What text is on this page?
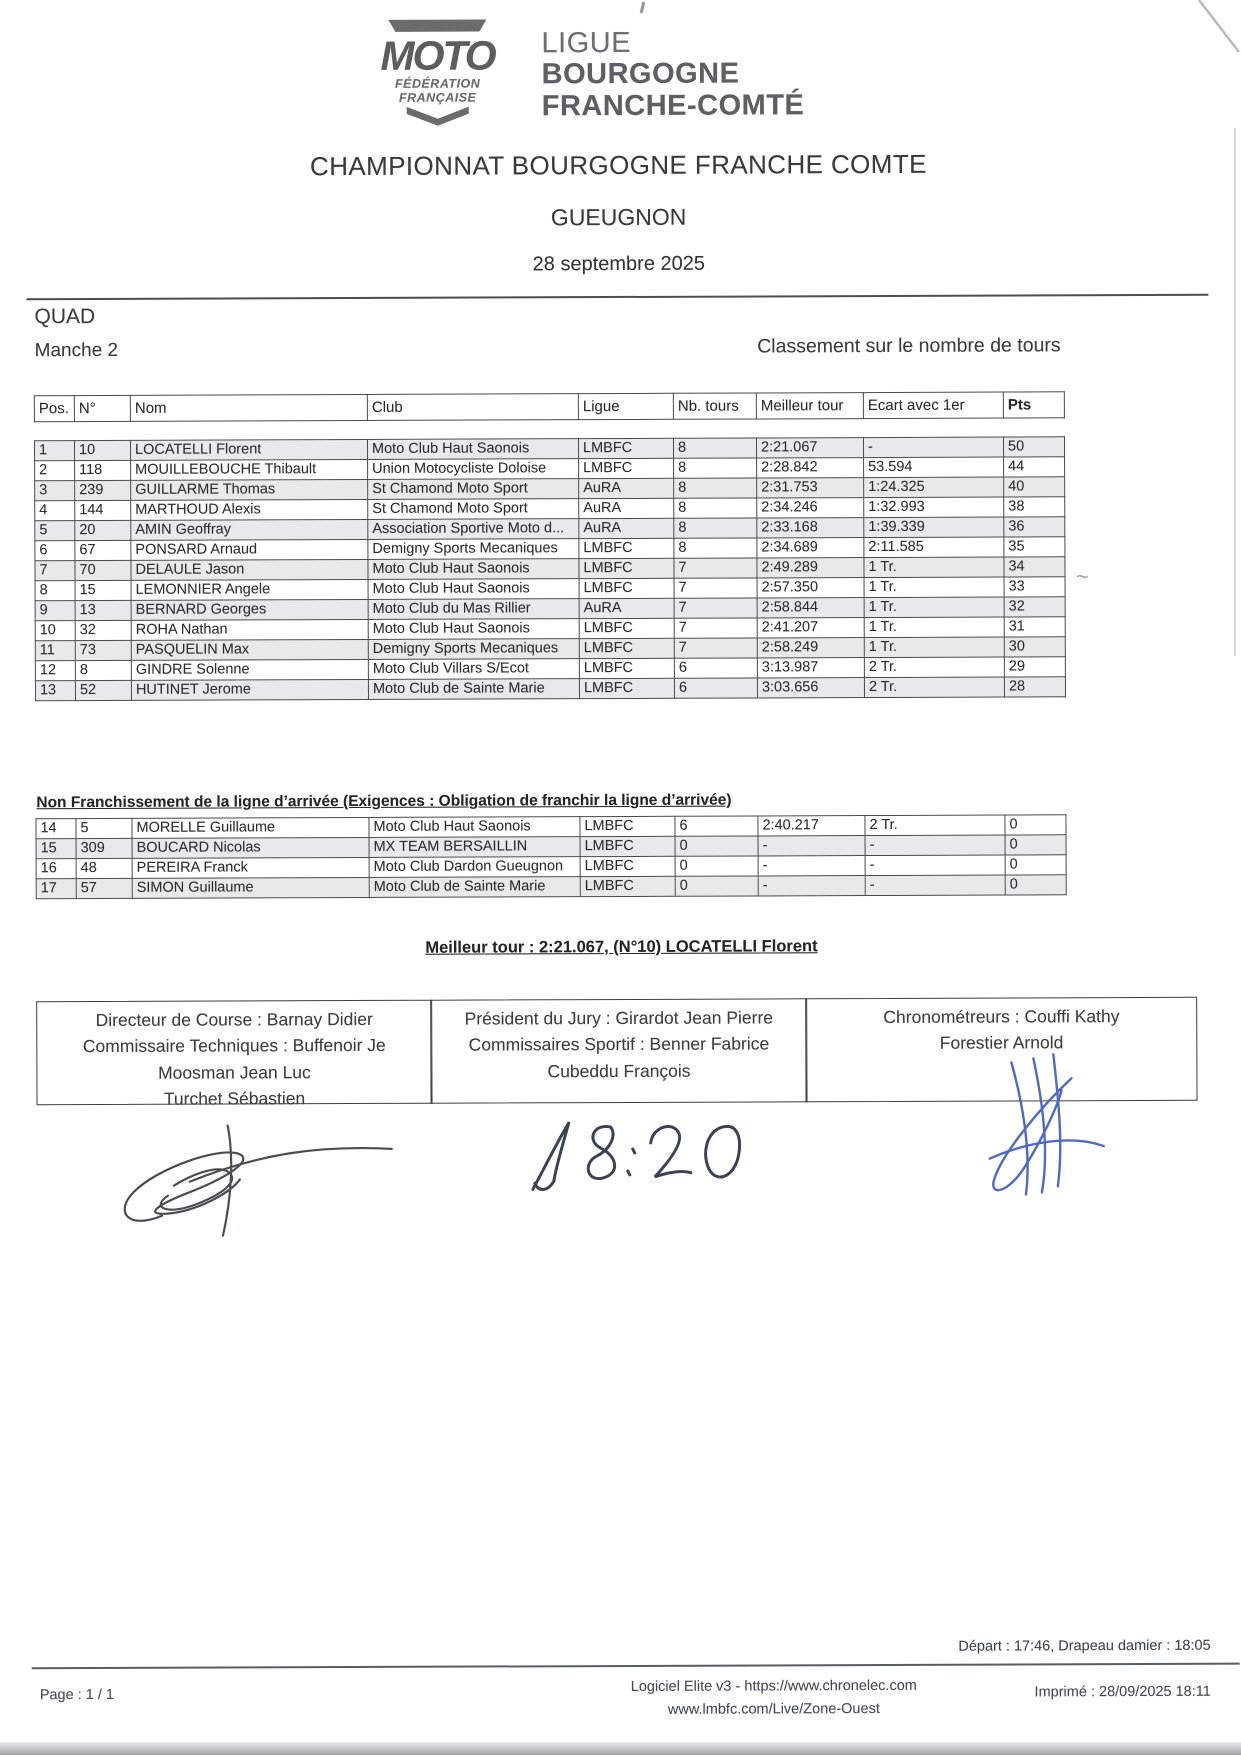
MOTO
FÉDÉRATION
FRANÇAISE
LIGUE
BOURGOGNE
FRANCHE-COMTÉ
CHAMPIONNAT BOURGOGNE FRANCHE COMTE
GUEUGNON
28 septembre 2025
QUAD
Manche 2	Classement sur le nombre de tours
Pos.	N°	Nom	Club	Ligue	Nb. tours	Meilleur tour	Ecart avec 1er	Pts
1	10	LOCATELLI Florent	Moto Club Haut Saonois	LMBFC	8	2:21.067	-	50
2	118	MOUILLEBOUCHE Thibault	Union Motocycliste Doloise	LMBFC	8	2:28.842	53.594	44
3	239	GUILLARME Thomas	St Chamond Moto Sport	AuRA	8	2:31.753	1:24.325	40
4	144	MARTHOUD Alexis	St Chamond Moto Sport	AuRA	8	2:34.246	1:32.993	38
5	20	AMIN Geoffray	Association Sportive Moto d...	AuRA	8	2:33.168	1:39.339	36
6	67	PONSARD Arnaud	Demigny Sports Mecaniques	LMBFC	8	2:34.689	2:11.585	35
7	70	DELAULE Jason	Moto Club Haut Saonois	LMBFC	7	2:49.289	1 Tr.	34
8	15	LEMONNIER Angele	Moto Club Haut Saonois	LMBFC	7	2:57.350	1 Tr.	33
9	13	BERNARD Georges	Moto Club du Mas Rillier	AuRA	7	2:58.844	1 Tr.	32
10	32	ROHA Nathan	Moto Club Haut Saonois	LMBFC	7	2:41.207	1 Tr.	31
11	73	PASQUELIN Max	Demigny Sports Mecaniques	LMBFC	7	2:58.249	1 Tr.	30
12	8	GINDRE Solenne	Moto Club Villars S/Ecot	LMBFC	6	3:13.987	2 Tr.	29
13	52	HUTINET Jerome	Moto Club de Sainte Marie	LMBFC	6	3:03.656	2 Tr.	28
Non Franchissement de la ligne d’arrivée (Exigences : Obligation de franchir la ligne d’arrivée)
14	5	MORELLE Guillaume	Moto Club Haut Saonois	LMBFC	6	2:40.217	2 Tr.	0
15	309	BOUCARD Nicolas	MX TEAM BERSAILLIN	LMBFC	0	-	-	0
16	48	PEREIRA Franck	Moto Club Dardon Gueugnon	LMBFC	0	-	-	0
17	57	SIMON Guillaume	Moto Club de Sainte Marie	LMBFC	0	-	-	0
Meilleur tour : 2:21.067, (N°10) LOCATELLI Florent
Directeur de Course : Barnay Didier
Commissaire Techniques : Buffenoir Je
Moosman Jean Luc
Turchet Sébastien
Président du Jury : Girardot Jean Pierre
Commissaires Sportif : Benner Fabrice
Cubeddu François
Chronométreurs : Couffi Kathy
Forestier Arnold
Départ : 17:46, Drapeau damier : 18:05
Page : 1 / 1
Logiciel Elite v3 - https://www.chronelec.com
www.lmbfc.com/Live/Zone-Ouest
Imprimé : 28/09/2025 18:11
~
